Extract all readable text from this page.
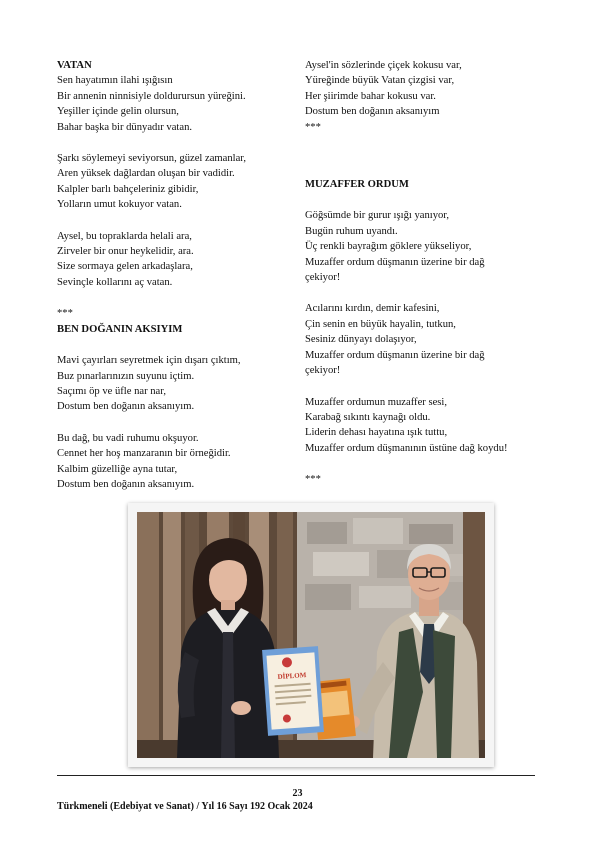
VATAN
Sen hayatımın ilahi ışığısın
Bir annenin ninnisiyle doldurursun yüreğini.
Yeşiller içinde gelin olursun,
Bahar başka bir dünyadır vatan.
Şarkı söylemeyi seviyorsun, güzel zamanlar,
Aren yüksek dağlardan oluşan bir vadidir.
Kalpler barlı bahçeleriniz gibidir,
Yolların umut kokuyor vatan.
Aysel, bu topraklarda helali ara,
Zirveler bir onur heykelidir, ara.
Size sormaya gelen arkadaşlara,
Sevinçle kollarını aç vatan.
***
BEN DOĞANIN AKSIYIM
Mavi çayırları seyretmek için dışarı çıktım,
Buz pınarlarınızın suyunu içtim.
Saçımı öp ve üfle nar nar,
Dostum ben doğanın aksanıyım.
Bu dağ, bu vadi ruhumu okşuyor.
Cennet her hoş manzaranın bir örneğidir.
Kalbim güzelliğe ayna tutar,
Dostum ben doğanın aksanıyım.
Aysel'in sözlerinde çiçek kokusu var,
Yüreğinde büyük Vatan çizgisi var,
Her şiirimde bahar kokusu var.
Dostum ben doğanın aksanıyım
***
MUZAFFER ORDUM
Göğsümde bir gurur ışığı yanıyor,
Bugün ruhum uyandı.
Üç renkli bayrağım göklere yükseliyor,
Muzaffer ordum düşmanın üzerine bir dağ
çekiyor!
Acılarını kırdın, demir kafesini,
Çin senin en büyük hayalin, tutkun,
Sesiniz dünyayı dolaşıyor,
Muzaffer ordum düşmanın üzerine bir dağ
çekiyor!
Muzaffer ordumun muzaffer sesi,
Karabağ sıkıntı kaynağı oldu.
Liderin dehası hayatına ışık tuttu,
Muzaffer ordum düşmanının üstüne dağ koydu!
***
DİPLOM
23
Türkmeneli (Edebiyat ve Sanat) / Yıl 16 Sayı 192 Ocak 2024
